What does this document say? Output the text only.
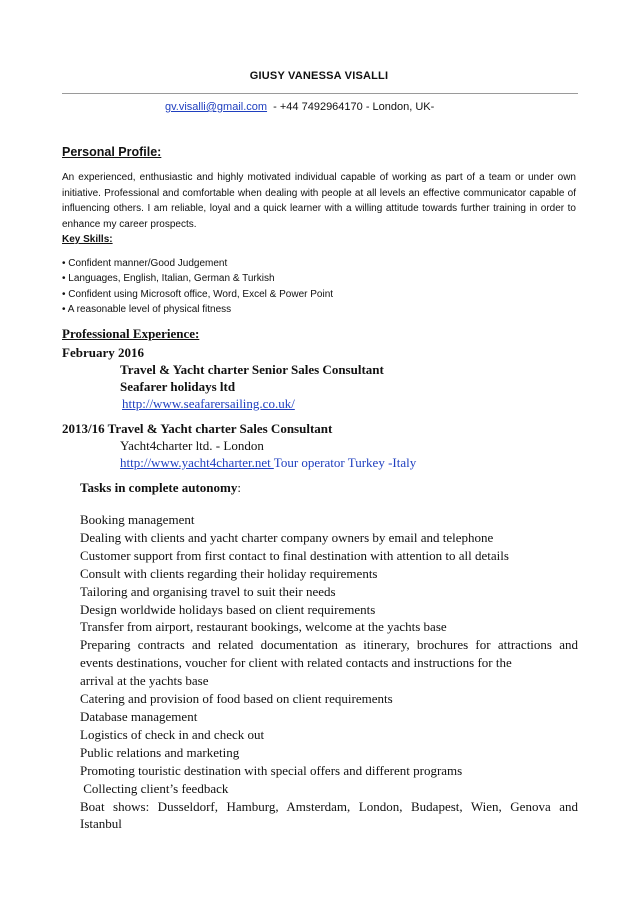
GIUSY VANESSA VISALLI
gv.visalli@gmail.com  - +44 7492964170 - London, UK-
Personal Profile:
An experienced, enthusiastic and highly motivated individual capable of working as part of a team or under own initiative. Professional and comfortable when dealing with people at all levels an effective communicator capable of influencing others. I am reliable, loyal and a quick learner with a willing attitude towards further training in order to enhance my career prospects.
Key Skills:
• Confident manner/Good Judgement
• Languages, English, Italian, German & Turkish
• Confident using Microsoft office, Word, Excel & Power Point
• A reasonable level of physical fitness
Professional Experience:
February 2016
Travel & Yacht charter Senior Sales Consultant
Seafarer holidays ltd
http://www.seafarersailing.co.uk/
2013/16 Travel & Yacht charter Sales Consultant
Yacht4charter ltd. - London
http://www.yacht4charter.net Tour operator Turkey -Italy
Tasks in complete autonomy:
Booking management
Dealing with clients and yacht charter company owners by email and telephone
Customer support from first contact to final destination with attention to all details
Consult with clients regarding their holiday requirements
Tailoring and organising travel to suit their needs
Design worldwide holidays based on client requirements
Transfer from airport, restaurant bookings, welcome at the yachts base
Preparing contracts and related documentation as itinerary, brochures for attractions and
events destinations, voucher for client with related contacts and instructions for the
arrival at the yachts base
Catering and provision of food based on client requirements
Database management
Logistics of check in and check out
Public relations and marketing
Promoting touristic destination with special offers and different programs
Collecting client’s feedback
Boat shows: Dusseldorf, Hamburg, Amsterdam, London, Budapest, Wien, Genova and
Istanbul
